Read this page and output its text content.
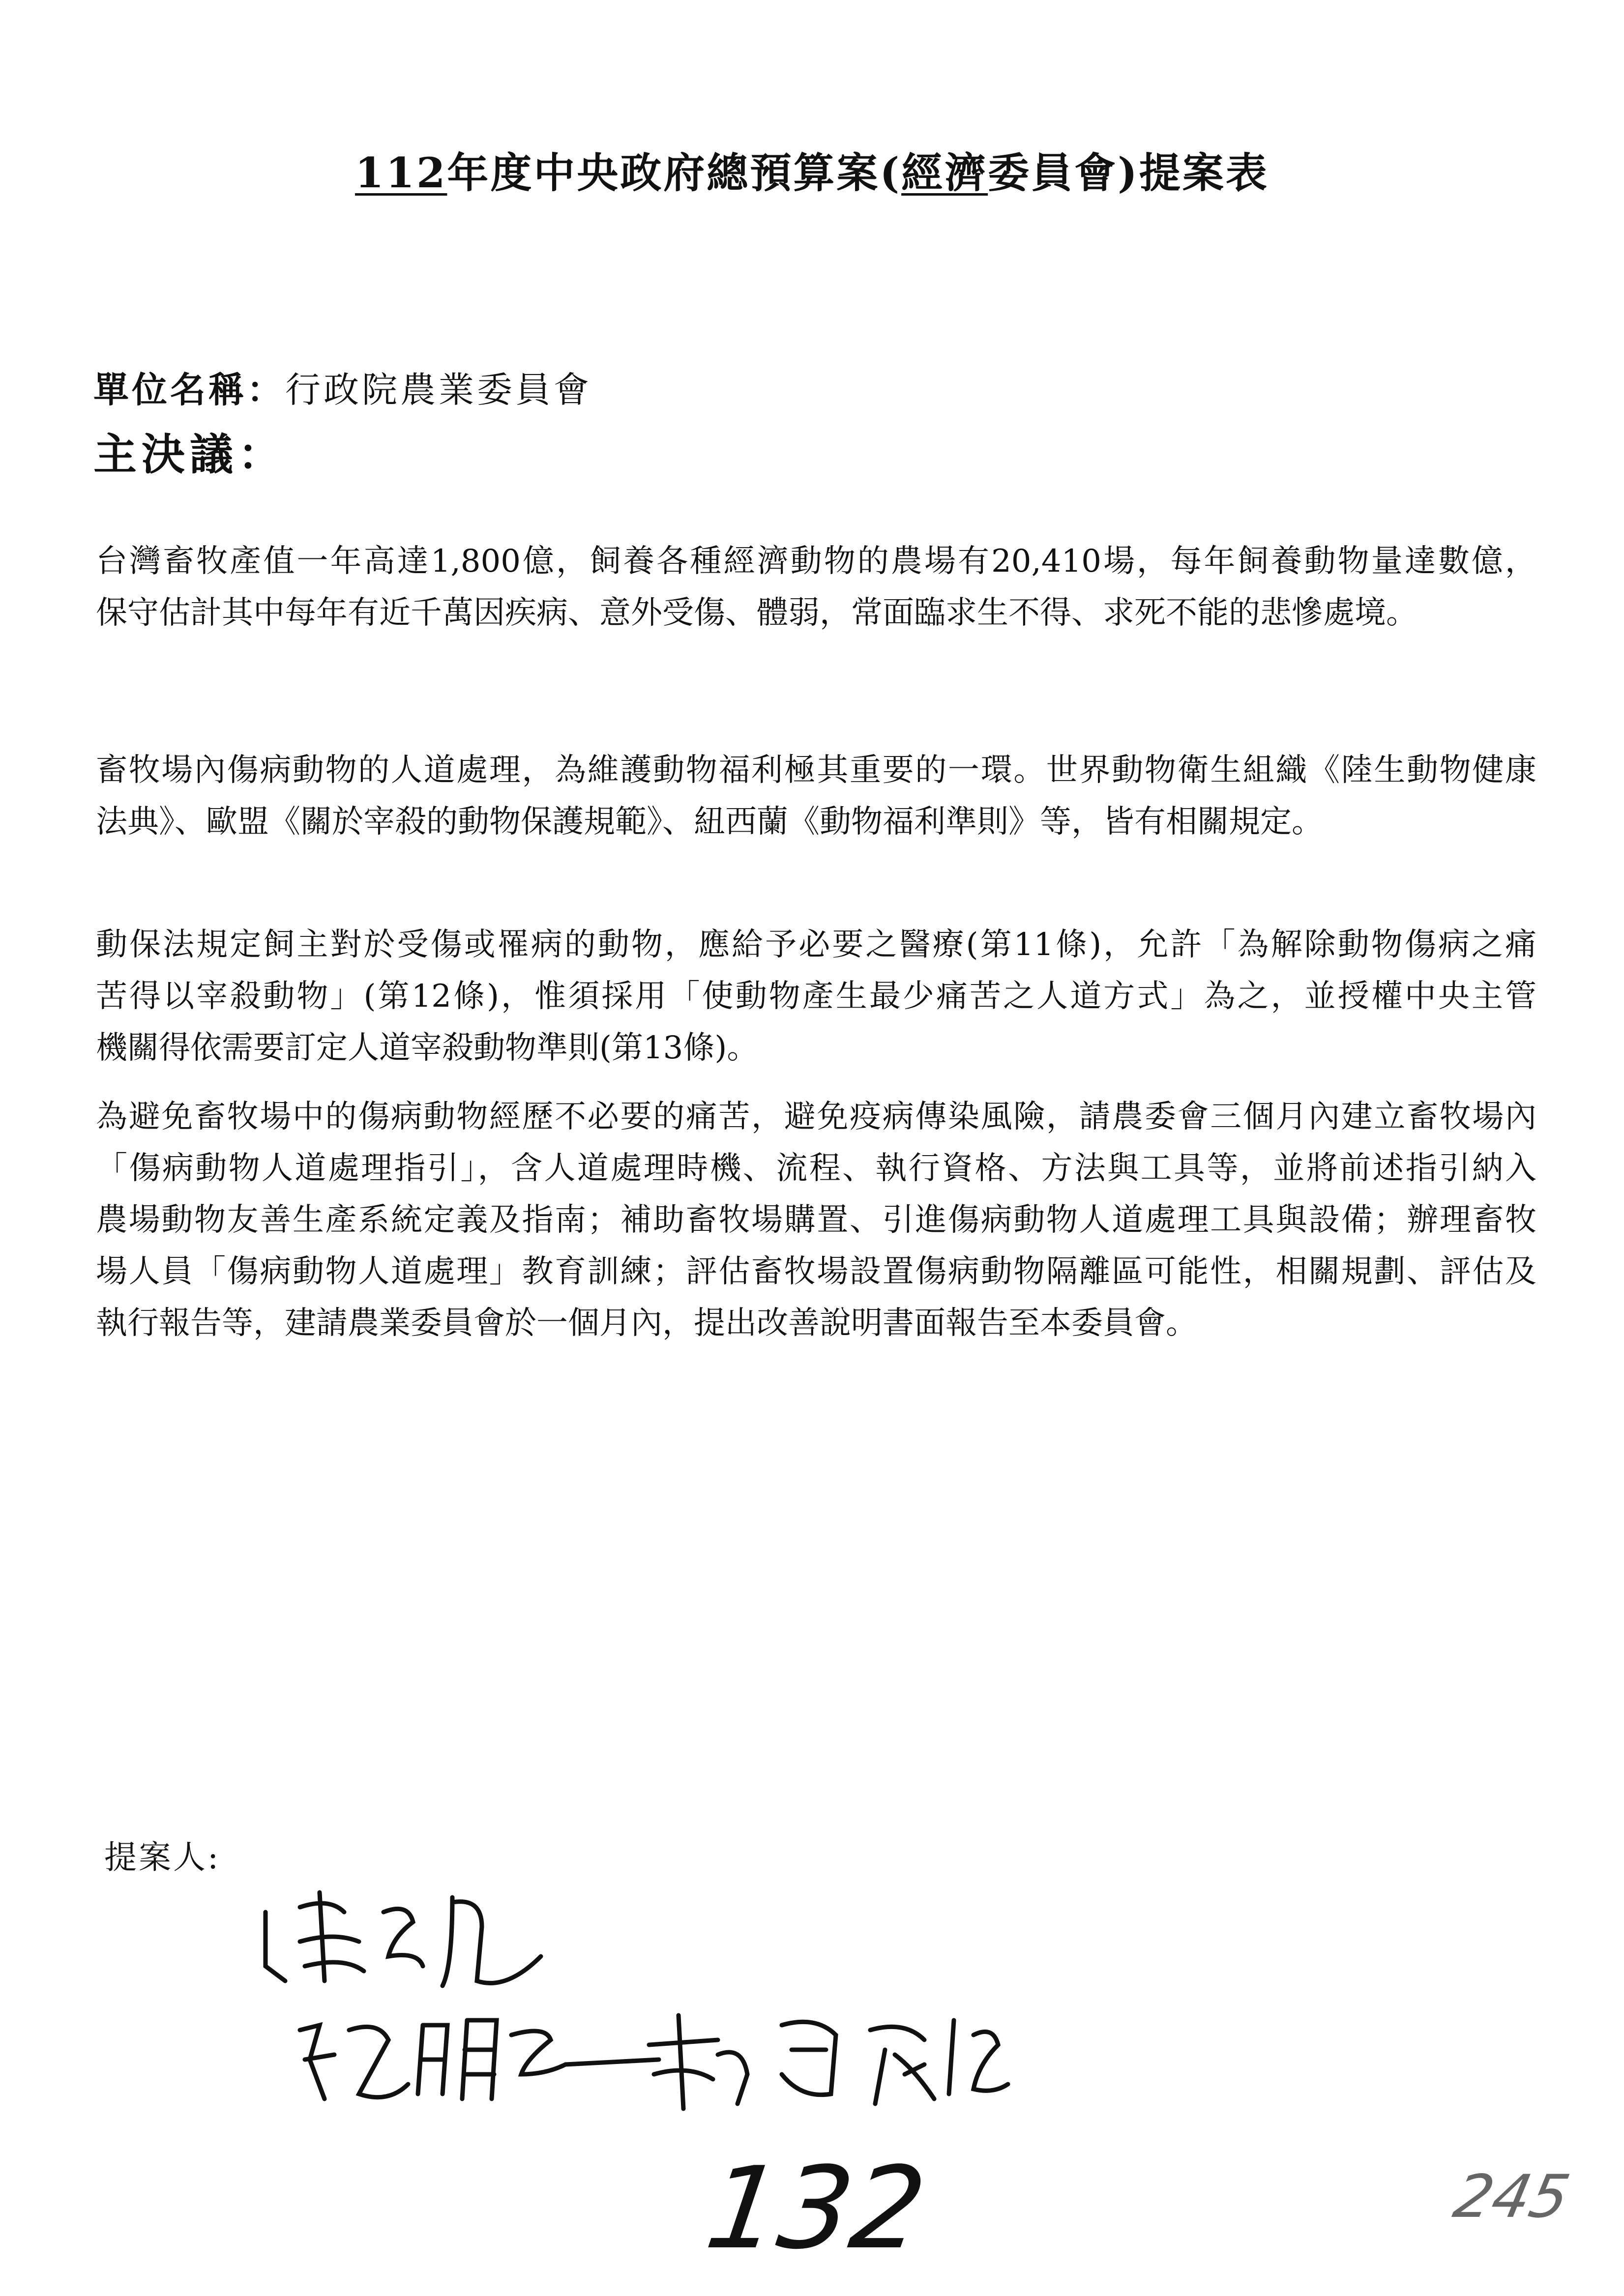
112年度中央政府總預算案(經濟委員會)提案表
單位名稱：行政院農業委員會
主決議：
台灣畜牧產值一年高達1,800億，飼養各種經濟動物的農場有20,410場，每年飼養動物量達數億，
保守估計其中每年有近千萬因疾病、意外受傷、體弱，常面臨求生不得、求死不能的悲慘處境。
畜牧場內傷病動物的人道處理，為維護動物福利極其重要的一環。世界動物衛生組織《陸生動物健康
法典》、歐盟《關於宰殺的動物保護規範》、紐西蘭《動物福利準則》等，皆有相關規定。
動保法規定飼主對於受傷或罹病的動物，應給予必要之醫療(第11條)，允許「為解除動物傷病之痛
苦得以宰殺動物」(第12條)，惟須採用「使動物產生最少痛苦之人道方式」為之，並授權中央主管
機關得依需要訂定人道宰殺動物準則(第13條)。
為避免畜牧場中的傷病動物經歷不必要的痛苦，避免疫病傳染風險，請農委會三個月內建立畜牧場內
「傷病動物人道處理指引」，含人道處理時機、流程、執行資格、方法與工具等，並將前述指引納入
農場動物友善生產系統定義及指南；補助畜牧場購置、引進傷病動物人道處理工具與設備；辦理畜牧
場人員「傷病動物人道處理」教育訓練；評估畜牧場設置傷病動物隔離區可能性，相關規劃、評估及
執行報告等，建請農業委員會於一個月內，提出改善說明書面報告至本委員會。
提案人:
132	245
